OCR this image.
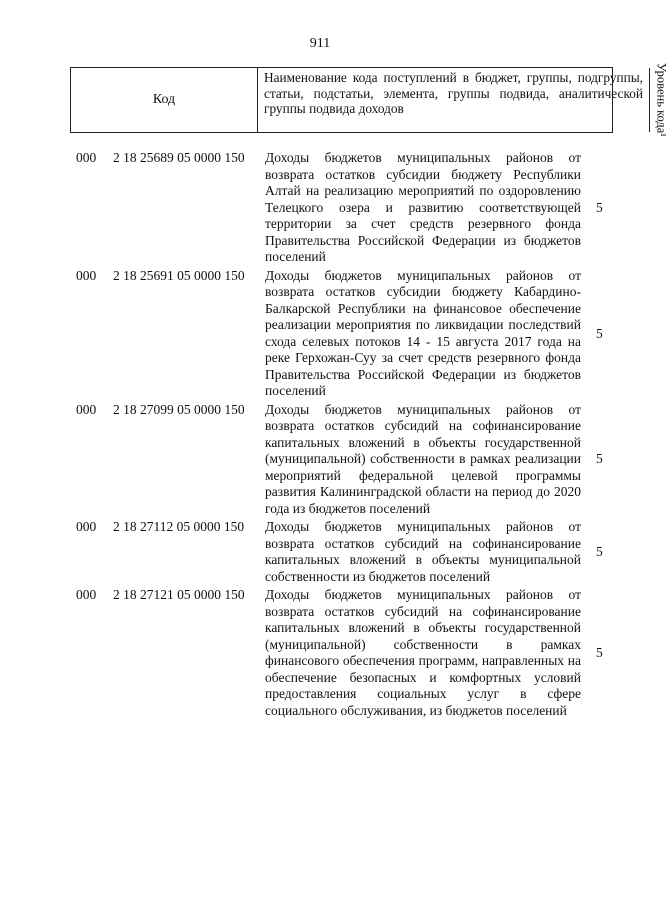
911
Код
Наименование кода поступлений в бюджет, группы, подгруппы, статьи, подстатьи, элемента, группы подвида, аналитической группы подвида доходов	Уровень кода¹
000 2 18 25689 05 0000 150 Доходы бюджетов муниципальных районов от возврата остатков субсидии бюджету Республики Алтай на реализацию мероприятий по оздоровлению Телецкого озера и развитию соответствующей территории за счет средств резервного фонда Правительства Российской Федерации из бюджетов поселений
5
000 2 18 25691 05 0000 150 Доходы бюджетов муниципальных районов от возврата остатков субсидии бюджету Кабардино-Балкарской Республики на финансовое обеспечение реализации мероприятия по ликвидации последствий схода селевых потоков 14 - 15 августа 2017 года на реке Герхожан-Суу за счет средств резервного фонда Правительства Российской Федерации из бюджетов поселений
5
000 2 18 27099 05 0000 150 Доходы бюджетов муниципальных районов от возврата остатков субсидий на софинансирование капитальных вложений в объекты государственной (муниципальной) собственности в рамках реализации мероприятий федеральной целевой программы развития Калининградской области на период до 2020 года из бюджетов поселений
5
000 2 18 27112 05 0000 150 Доходы бюджетов муниципальных районов от возврата остатков субсидий на софинансирование капитальных вложений в объекты муниципальной собственности из бюджетов поселений
5
000 2 18 27121 05 0000 150 Доходы бюджетов муниципальных районов от возврата остатков субсидий на софинансирование капитальных вложений в объекты государственной (муниципальной) собственности в рамках финансового обеспечения программ, направленных на обеспечение безопасных и комфортных условий предоставления социальных услуг в сфере социального обслуживания, из бюджетов поселений
5
